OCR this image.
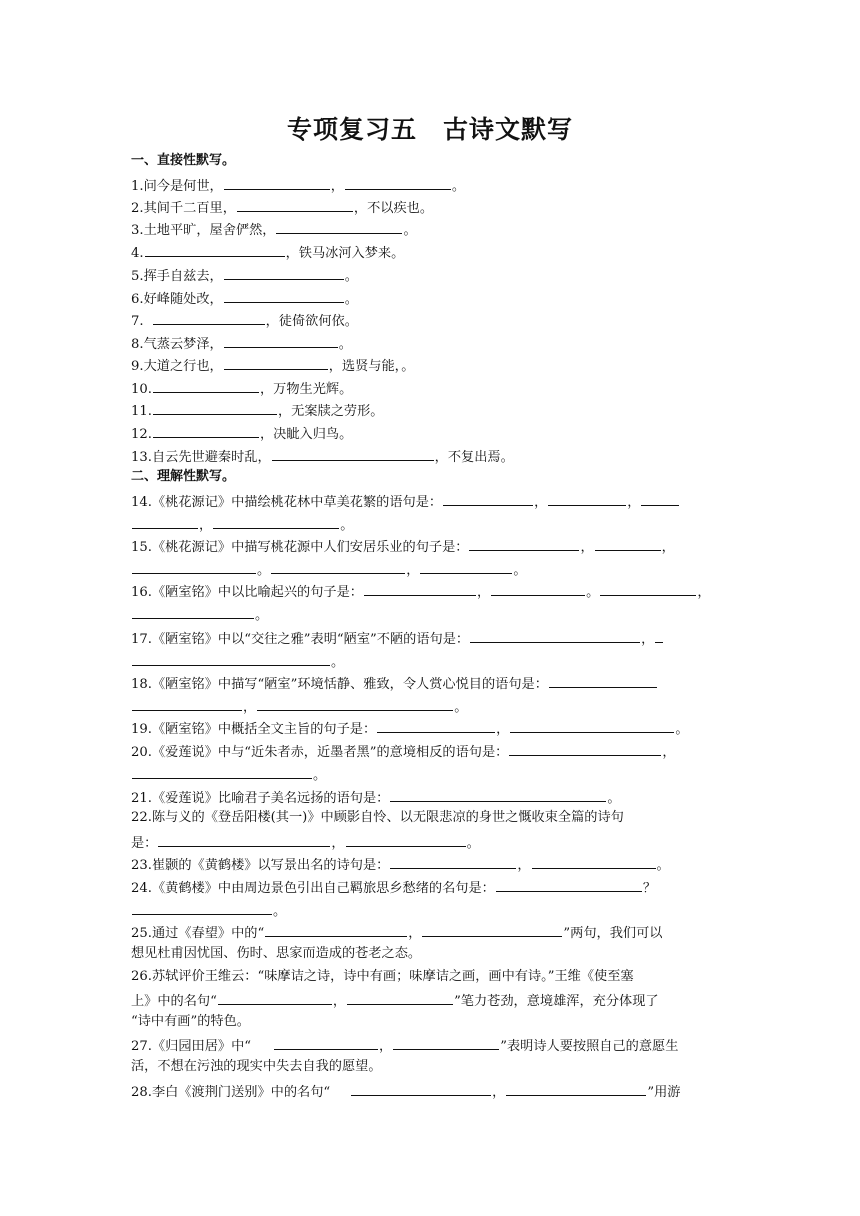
专项复习五　古诗文默写
一、直接性默写。
1.问今是何世，	，	。
2.其间千二百里，	，不以疾也。
3.土地平旷，屋舍俨然，	。
4.	，铁马冰河入梦来。
5.挥手自兹去，	。
6.好峰随处改，	。
7.	，徒倚欲何依。
8.气蒸云梦泽，	。
9.大道之行也，	，选贤与能，。
10.	，万物生光辉。
11.	，无案牍之劳形。
12.	，决眦入归鸟。
13.自云先世避秦时乱，	，不复出焉。
二、理解性默写。
14.《桃花源记》中描绘桃花林中草美花繁的语句是：	，	，
，	。
15.《桃花源记》中描写桃花源中人们安居乐业的句子是：	，	，
。	，	。
16.《陋室铭》中以比喻起兴的句子是：	，	。	，
。
17.《陋室铭》中以“交往之雅”表明“陋室”不陋的语句是：	，
。
18.《陋室铭》中描写“陋室”环境恬静、雅致，令人赏心悦目的语句是：
，	。
19.《陋室铭》中概括全文主旨的句子是：	，	。
20.《爱莲说》中与“近朱者赤，近墨者黑”的意境相反的语句是：	，
。
21.《爱莲说》比喻君子美名远扬的语句是：	。
22.陈与义的《登岳阳楼(其一)》中顾影自怜、以无限悲凉的身世之慨收束全篇的诗句
是：	，	。
23.崔颢的《黄鹤楼》以写景出名的诗句是：	，	。
24.《黄鹤楼》中由周边景色引出自己羁旅思乡愁绪的名句是：	？
。
25.通过《春望》中的“	，	”两句，我们可以
想见杜甫因忧国、伤时、思家而造成的苍老之态。
26.苏轼评价王维云：“味摩诘之诗，诗中有画；味摩诘之画，画中有诗。”王维《使至塞
上》中的名句“	，	”笔力苍劲，意境雄浑，充分体现了
“诗中有画”的特色。
27.《归园田居》中“	，	”表明诗人要按照自己的意愿生
活，不想在污浊的现实中失去自我的愿望。
28.李白《渡荆门送别》中的名句“	，	”用游
